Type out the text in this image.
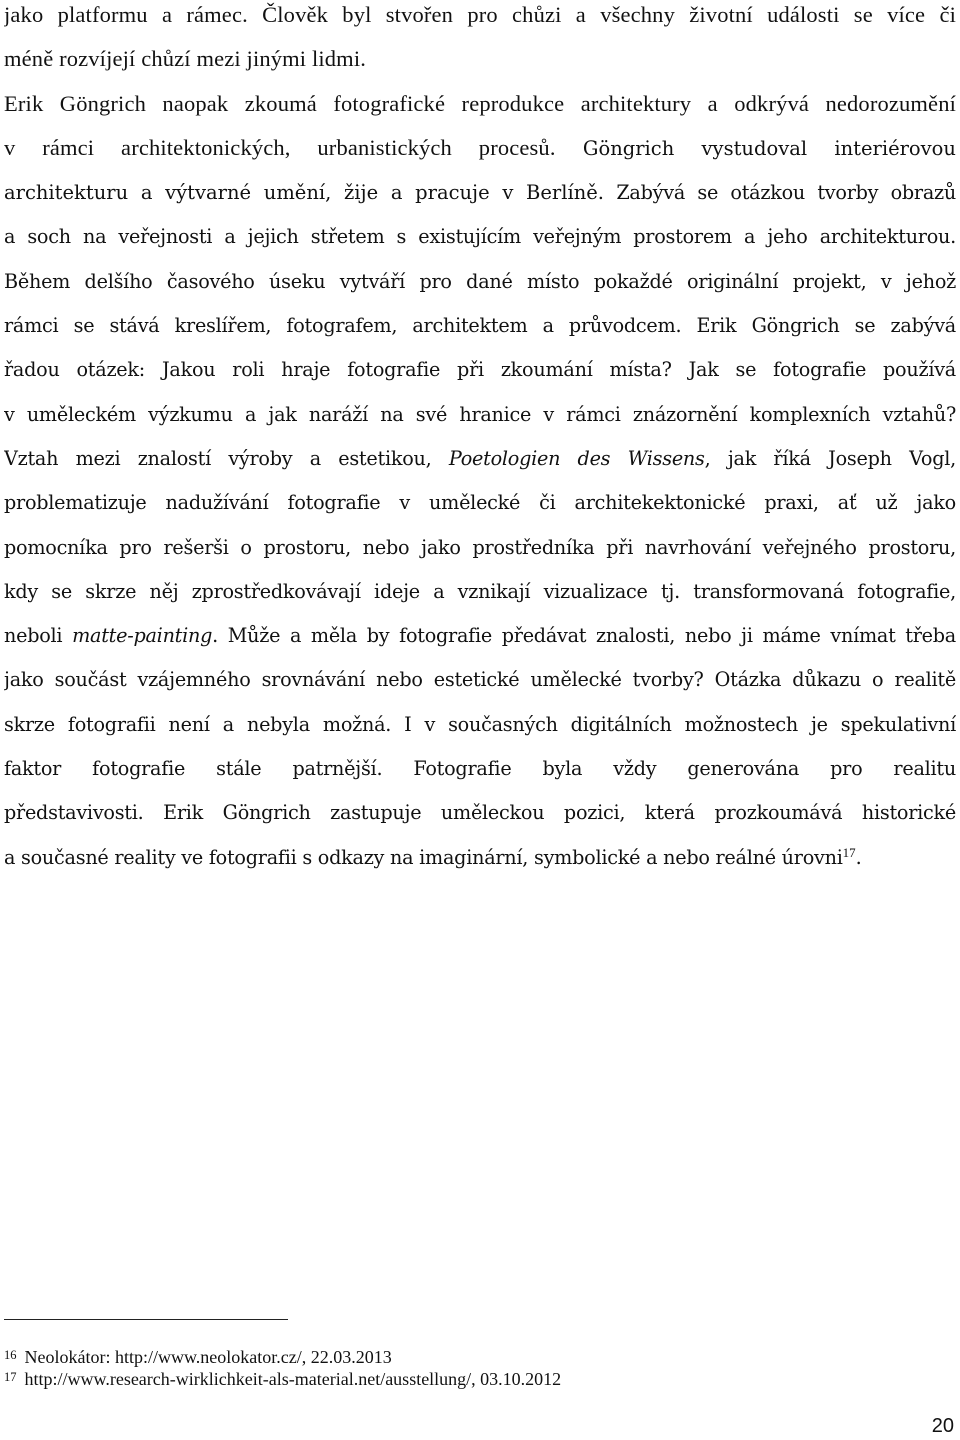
jako platformu a rámec. Člověk byl stvořen pro chůzi a všechny životní události se více či
méně rozvíjejí chůzí mezi jinými lidmi.
Erik Göngrich naopak zkoumá fotografické reprodukce architektury a odkrývá nedorozumění
v rámci architektonických, urbanistických procesů. Göngrich vystudoval interiérovou
architekturu a výtvarné umění, žije a pracuje v Berlíně. Zabývá se otázkou tvorby obrazů
a soch na veřejnosti a jejich střetem s existujícím veřejným prostorem a jeho architekturou.
Během delšího časového úseku vytváří pro dané místo pokaždé originální projekt, v jehož
rámci se stává kreslířem, fotografem, architektem a průvodcem. Erik Göngrich se zabývá
řadou otázek: Jakou roli hraje fotografie při zkoumání místa? Jak se fotografie používá
v uměleckém výzkumu a jak naráží na své hranice v rámci znázornění komplexních vztahů?
Vztah mezi znalostí výroby a estetikou, Poetologien des Wissens, jak říká Joseph Vogl,
problematizuje nadužívání fotografie v umělecké či architekektonické praxi, ať už jako
pomocníka pro rešerši o prostoru, nebo jako prostředníka při navrhování veřejného prostoru,
kdy se skrze něj zprostředkovávají ideje a vznikají vizualizace tj. transformovaná fotografie,
neboli matte-painting. Může a měla by fotografie předávat znalosti, nebo ji máme vnímat třeba
jako součást vzájemného srovnávání nebo estetické umělecké tvorby? Otázka důkazu o realitě
skrze fotografii není a nebyla možná. I v současných digitálních možnostech je spekulativní
faktor fotografie stále patrnější. Fotografie byla vždy generována pro realitu
představivosti. Erik Göngrich zastupuje uměleckou pozici, která prozkoumává historické
a současné reality ve fotografii s odkazy na imaginární, symbolické a nebo reálné úrovni$^{17}$.
$^{16}$ Neolokátor: http://www.neolokator.cz/, 22.03.2013
$^{17}$ http://www.research-wirklichkeit-als-material.net/ausstellung/, 03.10.2012
20
